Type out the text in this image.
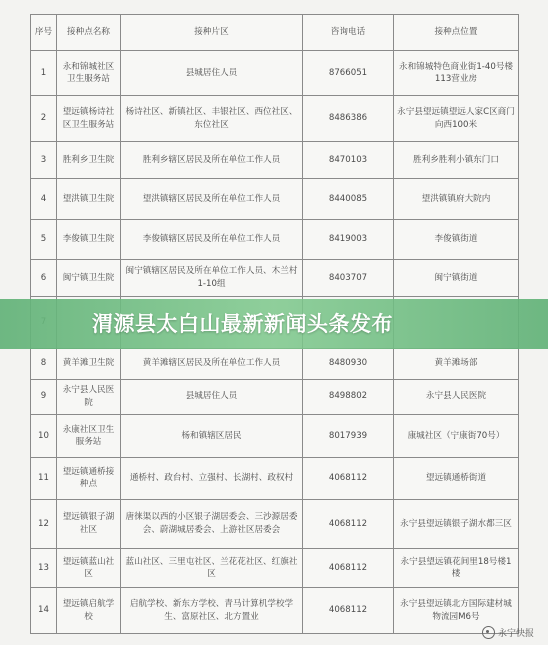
序号	接种点名称	接种片区	咨询电话	接种点位置
1	永和锦城社区卫生服务站	县城居住人员	8766051	永和锦城特色商业街1-40号楼113营业房
2	望远镇杨诗社区卫生服务站	杨诗社区、新镇社区、丰银社区、西位社区、东位社区	8486386	永宁县望远镇望远人家C区商门向西100米
3	胜利乡卫生院	胜利乡辖区居民及所在单位工作人员	8470103	胜利乡胜利小镇东门口
4	望洪镇卫生院	望洪镇辖区居民及所在单位工作人员	8440085	望洪镇镇府大院内
5	李俊镇卫生院	李俊镇辖区居民及所在单位工作人员	8419003	李俊镇街道
6	闽宁镇卫生院	闽宁镇辖区居民及所在单位工作人员、木兰村1-10组	8403707	闽宁镇街道

8	黄羊滩卫生院	黄羊滩辖区居民及所在单位工作人员	8480930	黄羊滩场部
9	永宁县人民医院	县城居住人员	8498802	永宁县人民医院
10	永康社区卫生服务站	杨和镇辖区居民	8017939	康城社区（宁康街70号）
11	望远镇通桥接种点	通桥村、政台村、立强村、长湖村、政权村	4068112	望远镇通桥街道
12	望远镇银子湖社区	唐徕渠以西的小区银子湖居委会、三沙源居委会、蔚湖城居委会、上游社区居委会	4068112	永宁县望远镇银子湖水都三区
13	望远镇蓝山社区	蓝山社区、三里屯社区、兰花花社区、红旗社区	4068112	永宁县望远镇花间里18号楼1楼
14	望远镇启航学校	启航学校、新东方学校、青马计算机学校学生、富原社区、北方置业	4068112	永宁县望远镇北方国际建材城物流园M6号
渭源县太白山最新新闻头条发布
永宁快报
